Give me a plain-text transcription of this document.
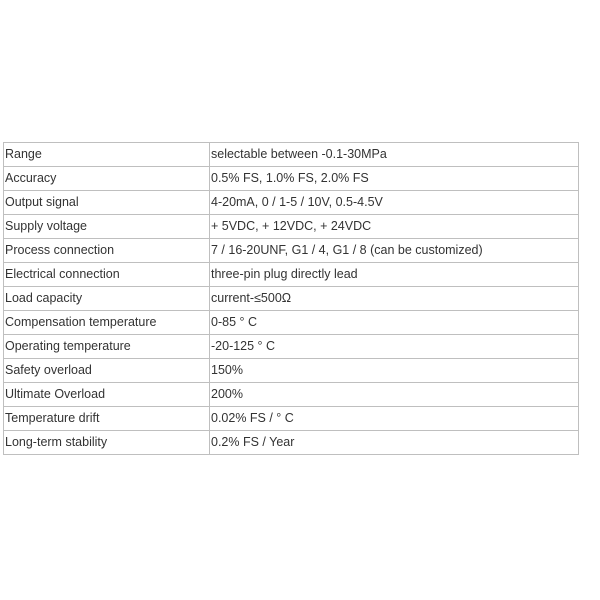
Range	selectable between -0.1-30MPa
Accuracy	0.5% FS, 1.0% FS, 2.0% FS
Output signal	4-20mA, 0 / 1-5 / 10V, 0.5-4.5V
Supply voltage	+ 5VDC, + 12VDC, + 24VDC
Process connection	7 / 16-20UNF, G1 / 4, G1 / 8 (can be customized)
Electrical connection	three-pin plug directly lead
Load capacity	current-≤500Ω
Compensation temperature	0-85 ° C
Operating temperature	-20-125 ° C
Safety overload	150%
Ultimate Overload	200%
Temperature drift	0.02% FS / ° C
Long-term stability	0.2% FS / Year
